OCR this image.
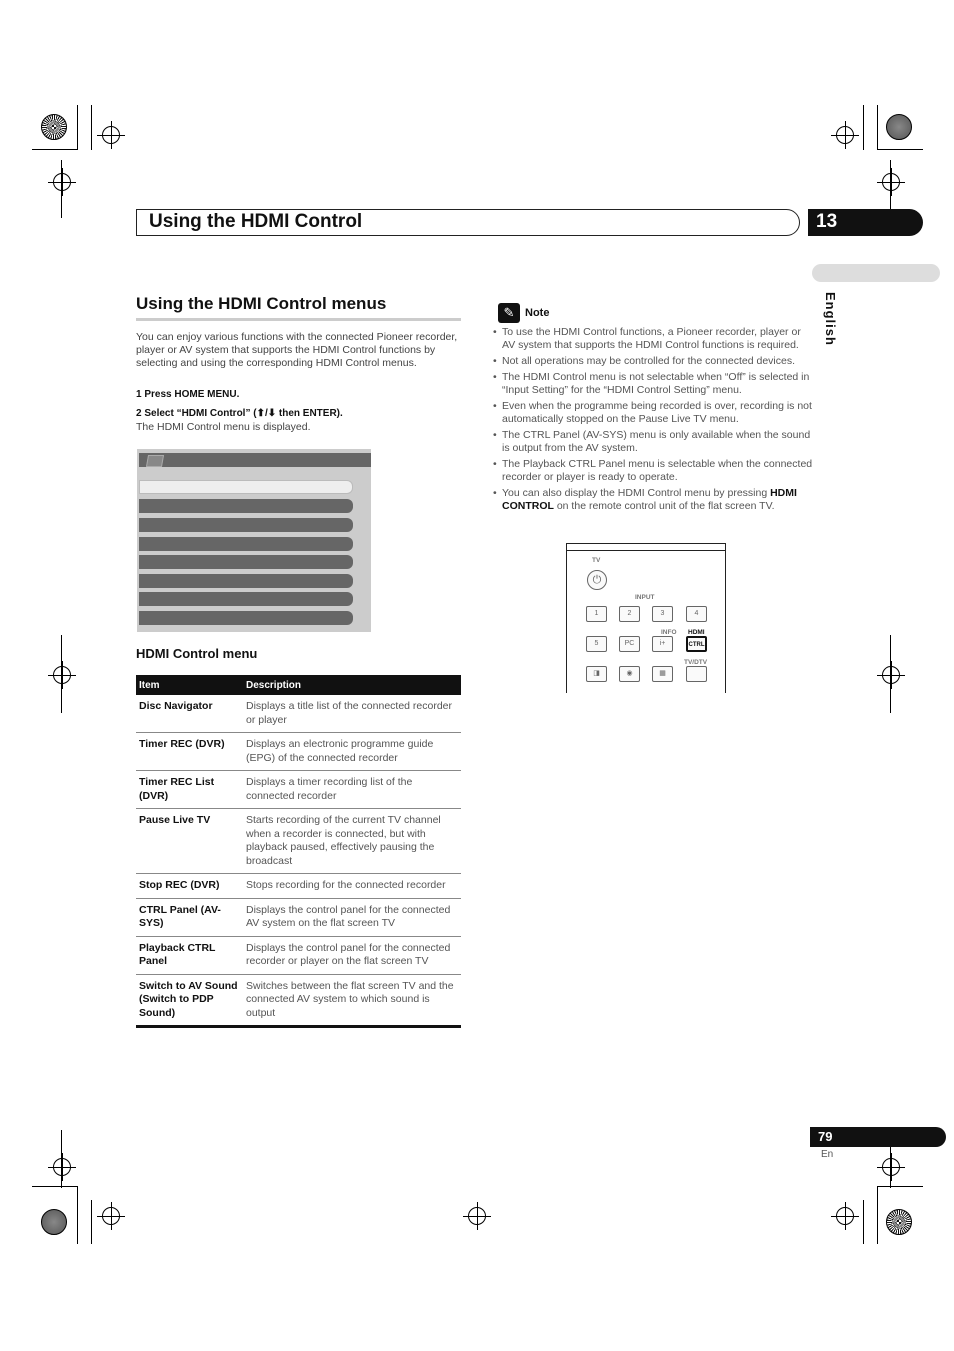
Using the HDMI Control	13
English
Using the HDMI Control menus
You can enjoy various functions with the connected Pioneer recorder, player or AV system that supports the HDMI Control functions by selecting and using the corresponding HDMI Control menus.
1 Press HOME MENU.
2 Select “HDMI Control” (⬆/⬇ then ENTER).
The HDMI Control menu is displayed.
HDMI Control menu
Item	Description
Disc Navigator	Displays a title list of the connected recorder or player
Timer REC (DVR)	Displays an electronic programme guide (EPG) of the connected recorder
Timer REC List (DVR)	Displays a timer recording list of the connected recorder
Pause Live TV	Starts recording of the current TV channel when a recorder is connected, but with playback paused, effectively pausing the broadcast
Stop REC (DVR)	Stops recording for the connected recorder
CTRL Panel (AV-SYS)	Displays the control panel for the connected AV system on the flat screen TV
Playback CTRL Panel	Displays the control panel for the connected recorder or player on the flat screen TV
Switch to AV Sound (Switch to PDP Sound)	Switches between the flat screen TV and the connected AV system to which sound is output
✎ Note
• To use the HDMI Control functions, a Pioneer recorder, player or AV system that supports the HDMI Control functions is required.
• Not all operations may be controlled for the connected devices.
• The HDMI Control menu is not selectable when “Off” is selected in “Input Setting” for the “HDMI Control Setting” menu.
• Even when the programme being recorded is over, recording is not automatically stopped on the Pause Live TV menu.
• The CTRL Panel (AV-SYS) menu is only available when the sound is output from the AV system.
• The Playback CTRL Panel menu is selectable when the connected recorder or player is ready to operate.
• You can also display the HDMI Control menu by pressing HDMI CONTROL on the remote control unit of the flat screen TV.
TV
⏻
INPUT
1	2	3	4
INFO HDMI
5	PC	i+	CTRL
TV/DTV
◨	◉	▦
79
En
